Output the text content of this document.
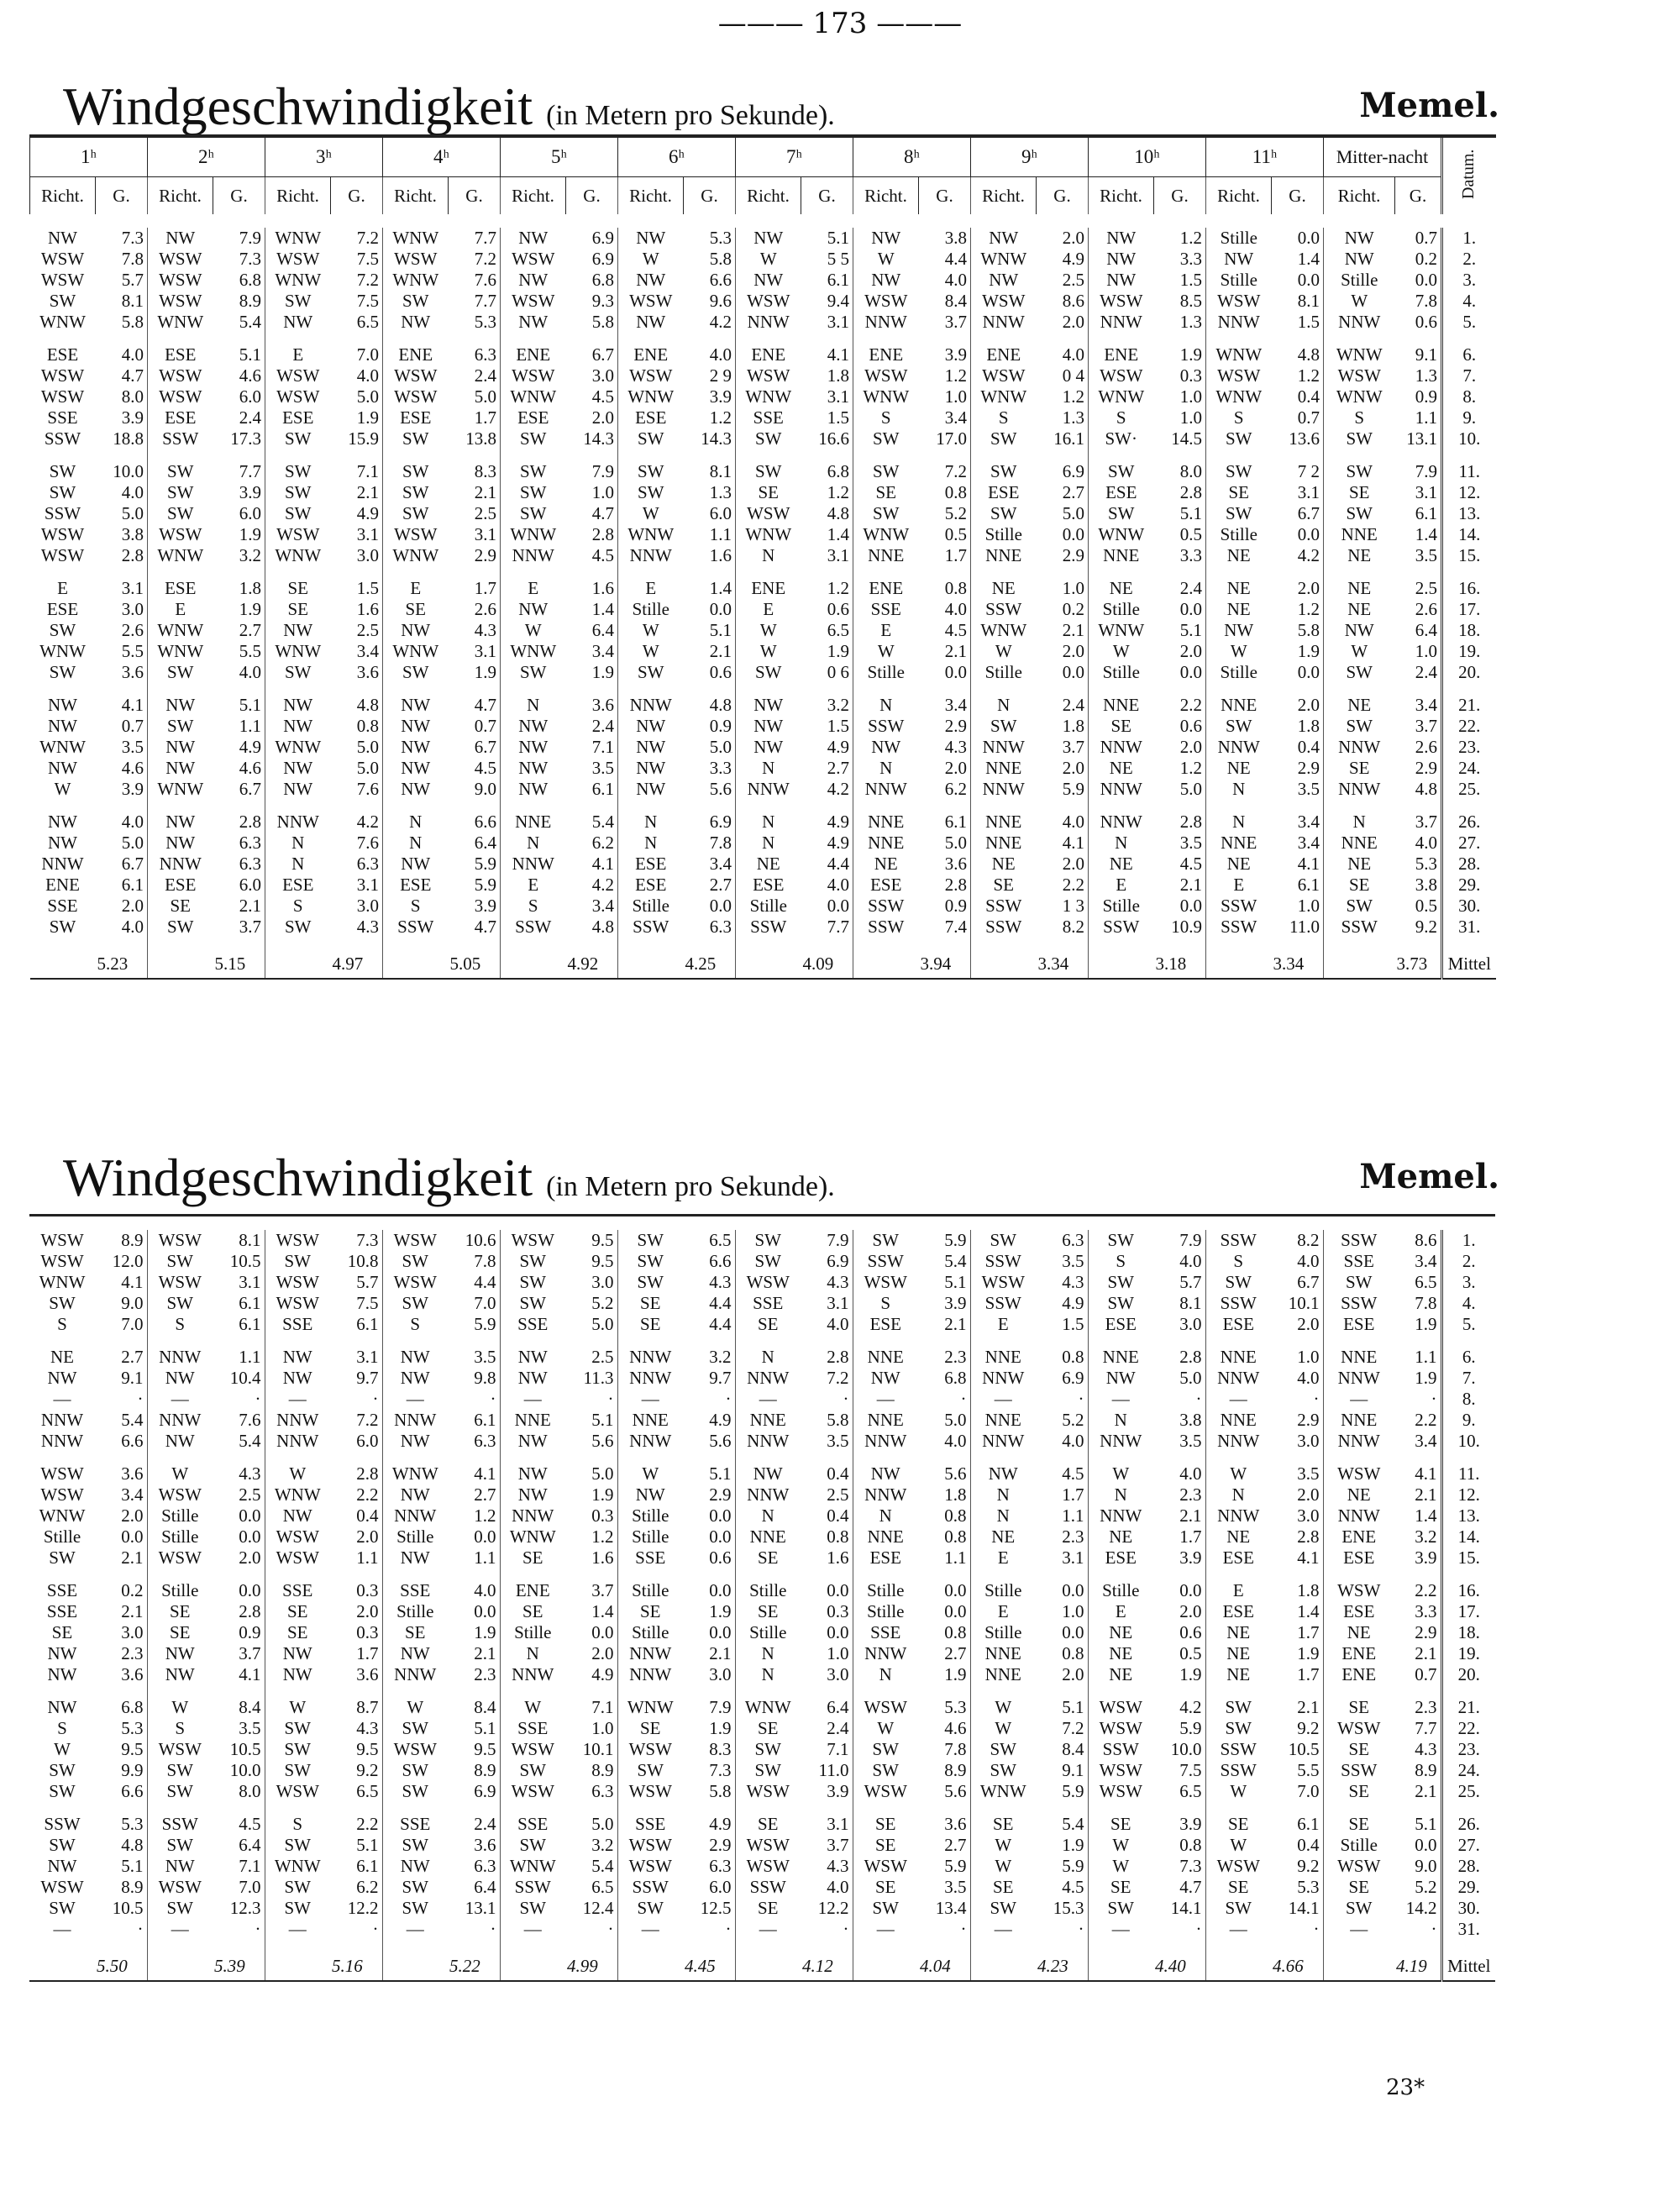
——— 173 ———
Windgeschwindigkeit (in Metern pro Sekunde).	Memel.
1ʰ		2ʰ		3ʰ		4ʰ		5ʰ		6ʰ		7ʰ		8ʰ		9ʰ		10ʰ		11ʰ		Mitter-nacht		Datum.
Richt.	G.	Richt.	G.	Richt.	G.	Richt.	G.	Richt.	G.	Richt.	G.	Richt.	G.	Richt.	G.	Richt.	G.	Richt.	G.	Richt.	G.	Richt.	G.	

NW	7.3	NW	7.9	WNW	7.2	WNW	7.7	NW	6.9	NW	5.3	NW	5.1	NW	3.8	NW	2.0	NW	1.2	Stille	0.0	NW	0.7	1.
WSW	7.8	WSW	7.3	WSW	7.5	WSW	7.2	WSW	6.9	W	5.8	W	5 5	W	4.4	WNW	4.9	NW	3.3	NW	1.4	NW	0.2	2.
WSW	5.7	WSW	6.8	WNW	7.2	WNW	7.6	NW	6.8	NW	6.6	NW	6.1	NW	4.0	NW	2.5	NW	1.5	Stille	0.0	Stille	0.0	3.
SW	8.1	WSW	8.9	SW	7.5	SW	7.7	WSW	9.3	WSW	9.6	WSW	9.4	WSW	8.4	WSW	8.6	WSW	8.5	WSW	8.1	W	7.8	4.
WNW	5.8	WNW	5.4	NW	6.5	NW	5.3	NW	5.8	NW	4.2	NNW	3.1	NNW	3.7	NNW	2.0	NNW	1.3	NNW	1.5	NNW	0.6	5.

ESE	4.0	ESE	5.1	E	7.0	ENE	6.3	ENE	6.7	ENE	4.0	ENE	4.1	ENE	3.9	ENE	4.0	ENE	1.9	WNW	4.8	WNW	9.1	6.
WSW	4.7	WSW	4.6	WSW	4.0	WSW	2.4	WSW	3.0	WSW	2 9	WSW	1.8	WSW	1.2	WSW	0 4	WSW	0.3	WSW	1.2	WSW	1.3	7.
WSW	8.0	WSW	6.0	WSW	5.0	WSW	5.0	WNW	4.5	WNW	3.9	WNW	3.1	WNW	1.0	WNW	1.2	WNW	1.0	WNW	0.4	WNW	0.9	8.
SSE	3.9	ESE	2.4	ESE	1.9	ESE	1.7	ESE	2.0	ESE	1.2	SSE	1.5	S	3.4	S	1.3	S	1.0	S	0.7	S	1.1	9.
SSW	18.8	SSW	17.3	SW	15.9	SW	13.8	SW	14.3	SW	14.3	SW	16.6	SW	17.0	SW	16.1	SW·	14.5	SW	13.6	SW	13.1	10.

SW	10.0	SW	7.7	SW	7.1	SW	8.3	SW	7.9	SW	8.1	SW	6.8	SW	7.2	SW	6.9	SW	8.0	SW	7 2	SW	7.9	11.
SW	4.0	SW	3.9	SW	2.1	SW	2.1	SW	1.0	SW	1.3	SE	1.2	SE	0.8	ESE	2.7	ESE	2.8	SE	3.1	SE	3.1	12.
SSW	5.0	SW	6.0	SW	4.9	SW	2.5	SW	4.7	W	6.0	WSW	4.8	SW	5.2	SW	5.0	SW	5.1	SW	6.7	SW	6.1	13.
WSW	3.8	WSW	1.9	WSW	3.1	WSW	3.1	WNW	2.8	WNW	1.1	WNW	1.4	WNW	0.5	Stille	0.0	WNW	0.5	Stille	0.0	NNE	1.4	14.
WSW	2.8	WNW	3.2	WNW	3.0	WNW	2.9	NNW	4.5	NNW	1.6	N	3.1	NNE	1.7	NNE	2.9	NNE	3.3	NE	4.2	NE	3.5	15.

E	3.1	ESE	1.8	SE	1.5	E	1.7	E	1.6	E	1.4	ENE	1.2	ENE	0.8	NE	1.0	NE	2.4	NE	2.0	NE	2.5	16.
ESE	3.0	E	1.9	SE	1.6	SE	2.6	NW	1.4	Stille	0.0	E	0.6	SSE	4.0	SSW	0.2	Stille	0.0	NE	1.2	NE	2.6	17.
SW	2.6	WNW	2.7	NW	2.5	NW	4.3	W	6.4	W	5.1	W	6.5	E	4.5	WNW	2.1	WNW	5.1	NW	5.8	NW	6.4	18.
WNW	5.5	WNW	5.5	WNW	3.4	WNW	3.1	WNW	3.4	W	2.1	W	1.9	W	2.1	W	2.0	W	2.0	W	1.9	W	1.0	19.
SW	3.6	SW	4.0	SW	3.6	SW	1.9	SW	1.9	SW	0.6	SW	0 6	Stille	0.0	Stille	0.0	Stille	0.0	Stille	0.0	SW	2.4	20.

NW	4.1	NW	5.1	NW	4.8	NW	4.7	N	3.6	NNW	4.8	NW	3.2	N	3.4	N	2.4	NNE	2.2	NNE	2.0	NE	3.4	21.
NW	0.7	SW	1.1	NW	0.8	NW	0.7	NW	2.4	NW	0.9	NW	1.5	SSW	2.9	SW	1.8	SE	0.6	SW	1.8	SW	3.7	22.
WNW	3.5	NW	4.9	WNW	5.0	NW	6.7	NW	7.1	NW	5.0	NW	4.9	NW	4.3	NNW	3.7	NNW	2.0	NNW	0.4	NNW	2.6	23.
NW	4.6	NW	4.6	NW	5.0	NW	4.5	NW	3.5	NW	3.3	N	2.7	N	2.0	NNE	2.0	NE	1.2	NE	2.9	SE	2.9	24.
W	3.9	WNW	6.7	NW	7.6	NW	9.0	NW	6.1	NW	5.6	NNW	4.2	NNW	6.2	NNW	5.9	NNW	5.0	N	3.5	NNW	4.8	25.

NW	4.0	NW	2.8	NNW	4.2	N	6.6	NNE	5.4	N	6.9	N	4.9	NNE	6.1	NNE	4.0	NNW	2.8	N	3.4	N	3.7	26.
NW	5.0	NW	6.3	N	7.6	N	6.4	N	6.2	N	7.8	N	4.9	NNE	5.0	NNE	4.1	N	3.5	NNE	3.4	NNE	4.0	27.
NNW	6.7	NNW	6.3	N	6.3	NW	5.9	NNW	4.1	ESE	3.4	NE	4.4	NE	3.6	NE	2.0	NE	4.5	NE	4.1	NE	5.3	28.
ENE	6.1	ESE	6.0	ESE	3.1	ESE	5.9	E	4.2	ESE	2.7	ESE	4.0	ESE	2.8	SE	2.2	E	2.1	E	6.1	SE	3.8	29.
SSE	2.0	SE	2.1	S	3.0	S	3.9	S	3.4	Stille	0.0	Stille	0.0	SSW	0.9	SSW	1 3	Stille	0.0	SSW	1.0	SW	0.5	30.
SW	4.0	SW	3.7	SW	4.3	SSW	4.7	SSW	4.8	SSW	6.3	SSW	7.7	SSW	7.4	SSW	8.2	SSW	10.9	SSW	11.0	SSW	9.2	31.

	5.23		5.15		4.97		5.05		4.92		4.25		4.09		3.94		3.34		3.18		3.34		3.73	Mittel
Windgeschwindigkeit (in Metern pro Sekunde).	Memel.

WSW	8.9	WSW	8.1	WSW	7.3	WSW	10.6	WSW	9.5	SW	6.5	SW	7.9	SW	5.9	SW	6.3	SW	7.9	SSW	8.2	SSW	8.6	1.
WSW	12.0	SW	10.5	SW	10.8	SW	7.8	SW	9.5	SW	6.6	SW	6.9	SSW	5.4	SSW	3.5	S	4.0	S	4.0	SSE	3.4	2.
WNW	4.1	WSW	3.1	WSW	5.7	WSW	4.4	SW	3.0	SW	4.3	WSW	4.3	WSW	5.1	WSW	4.3	SW	5.7	SW	6.7	SW	6.5	3.
SW	9.0	SW	6.1	WSW	7.5	SW	7.0	SW	5.2	SE	4.4	SSE	3.1	S	3.9	SSW	4.9	SW	8.1	SSW	10.1	SSW	7.8	4.
S	7.0	S	6.1	SSE	6.1	S	5.9	SSE	5.0	SE	4.4	SE	4.0	ESE	2.1	E	1.5	ESE	3.0	ESE	2.0	ESE	1.9	5.

NE	2.7	NNW	1.1	NW	3.1	NW	3.5	NW	2.5	NNW	3.2	N	2.8	NNE	2.3	NNE	0.8	NNE	2.8	NNE	1.0	NNE	1.1	6.
NW	9.1	NW	10.4	NW	9.7	NW	9.8	NW	11.3	NNW	9.7	NNW	7.2	NW	6.8	NNW	6.9	NW	5.0	NNW	4.0	NNW	1.9	7.
—	·	—	·	—	·	—	·	—	·	—	·	—	·	—	·	—	·	—	·	—	·	—	·	8.
NNW	5.4	NNW	7.6	NNW	7.2	NNW	6.1	NNE	5.1	NNE	4.9	NNE	5.8	NNE	5.0	NNE	5.2	N	3.8	NNE	2.9	NNE	2.2	9.
NNW	6.6	NW	5.4	NNW	6.0	NW	6.3	NW	5.6	NNW	5.6	NNW	3.5	NNW	4.0	NNW	4.0	NNW	3.5	NNW	3.0	NNW	3.4	10.

WSW	3.6	W	4.3	W	2.8	WNW	4.1	NW	5.0	W	5.1	NW	0.4	NW	5.6	NW	4.5	W	4.0	W	3.5	WSW	4.1	11.
WSW	3.4	WSW	2.5	WNW	2.2	NW	2.7	NW	1.9	NW	2.9	NNW	2.5	NNW	1.8	N	1.7	N	2.3	N	2.0	NE	2.1	12.
WNW	2.0	Stille	0.0	NW	0.4	NNW	1.2	NNW	0.3	Stille	0.0	N	0.4	N	0.8	N	1.1	NNW	2.1	NNW	3.0	NNW	1.4	13.
Stille	0.0	Stille	0.0	WSW	2.0	Stille	0.0	WNW	1.2	Stille	0.0	NNE	0.8	NNE	0.8	NE	2.3	NE	1.7	NE	2.8	ENE	3.2	14.
SW	2.1	WSW	2.0	WSW	1.1	NW	1.1	SE	1.6	SSE	0.6	SE	1.6	ESE	1.1	E	3.1	ESE	3.9	ESE	4.1	ESE	3.9	15.

SSE	0.2	Stille	0.0	SSE	0.3	SSE	4.0	ENE	3.7	Stille	0.0	Stille	0.0	Stille	0.0	Stille	0.0	Stille	0.0	E	1.8	WSW	2.2	16.
SSE	2.1	SE	2.8	SE	2.0	Stille	0.0	SE	1.4	SE	1.9	SE	0.3	Stille	0.0	E	1.0	E	2.0	ESE	1.4	ESE	3.3	17.
SE	3.0	SE	0.9	SE	0.3	SE	1.9	Stille	0.0	Stille	0.0	Stille	0.0	SSE	0.8	Stille	0.0	NE	0.6	NE	1.7	NE	2.9	18.
NW	2.3	NW	3.7	NW	1.7	NW	2.1	N	2.0	NNW	2.1	N	1.0	NNW	2.7	NNE	0.8	NE	0.5	NE	1.9	ENE	2.1	19.
NW	3.6	NW	4.1	NW	3.6	NNW	2.3	NNW	4.9	NNW	3.0	N	3.0	N	1.9	NNE	2.0	NE	1.9	NE	1.7	ENE	0.7	20.

NW	6.8	W	8.4	W	8.7	W	8.4	W	7.1	WNW	7.9	WNW	6.4	WSW	5.3	W	5.1	WSW	4.2	SW	2.1	SE	2.3	21.
S	5.3	S	3.5	SW	4.3	SW	5.1	SSE	1.0	SE	1.9	SE	2.4	W	4.6	W	7.2	WSW	5.9	SW	9.2	WSW	7.7	22.
W	9.5	WSW	10.5	SW	9.5	WSW	9.5	WSW	10.1	WSW	8.3	SW	7.1	SW	7.8	SW	8.4	SSW	10.0	SSW	10.5	SE	4.3	23.
SW	9.9	SW	10.0	SW	9.2	SW	8.9	SW	8.9	SW	7.3	SW	11.0	SW	8.9	SW	9.1	WSW	7.5	SSW	5.5	SSW	8.9	24.
SW	6.6	SW	8.0	WSW	6.5	SW	6.9	WSW	6.3	WSW	5.8	WSW	3.9	WSW	5.6	WNW	5.9	WSW	6.5	W	7.0	SE	2.1	25.

SSW	5.3	SSW	4.5	S	2.2	SSE	2.4	SSE	5.0	SSE	4.9	SE	3.1	SE	3.6	SE	5.4	SE	3.9	SE	6.1	SE	5.1	26.
SW	4.8	SW	6.4	SW	5.1	SW	3.6	SW	3.2	WSW	2.9	WSW	3.7	SE	2.7	W	1.9	W	0.8	W	0.4	Stille	0.0	27.
NW	5.1	NW	7.1	WNW	6.1	NW	6.3	WNW	5.4	WSW	6.3	WSW	4.3	WSW	5.9	W	5.9	W	7.3	WSW	9.2	WSW	9.0	28.
WSW	8.9	WSW	7.0	SW	6.2	SW	6.4	SSW	6.5	SSW	6.0	SSW	4.0	SE	3.5	SE	4.5	SE	4.7	SE	5.3	SE	5.2	29.
SW	10.5	SW	12.3	SW	12.2	SW	13.1	SW	12.4	SW	12.5	SE	12.2	SW	13.4	SW	15.3	SW	14.1	SW	14.1	SW	14.2	30.
—	·	—	·	—	·	—	·	—	·	—	·	—	·	—	·	—	·	—	·	—	·	—	·	31.

	5.50		5.39		5.16		5.22		4.99		4.45		4.12		4.04		4.23		4.40		4.66		4.19	Mittel
23*
